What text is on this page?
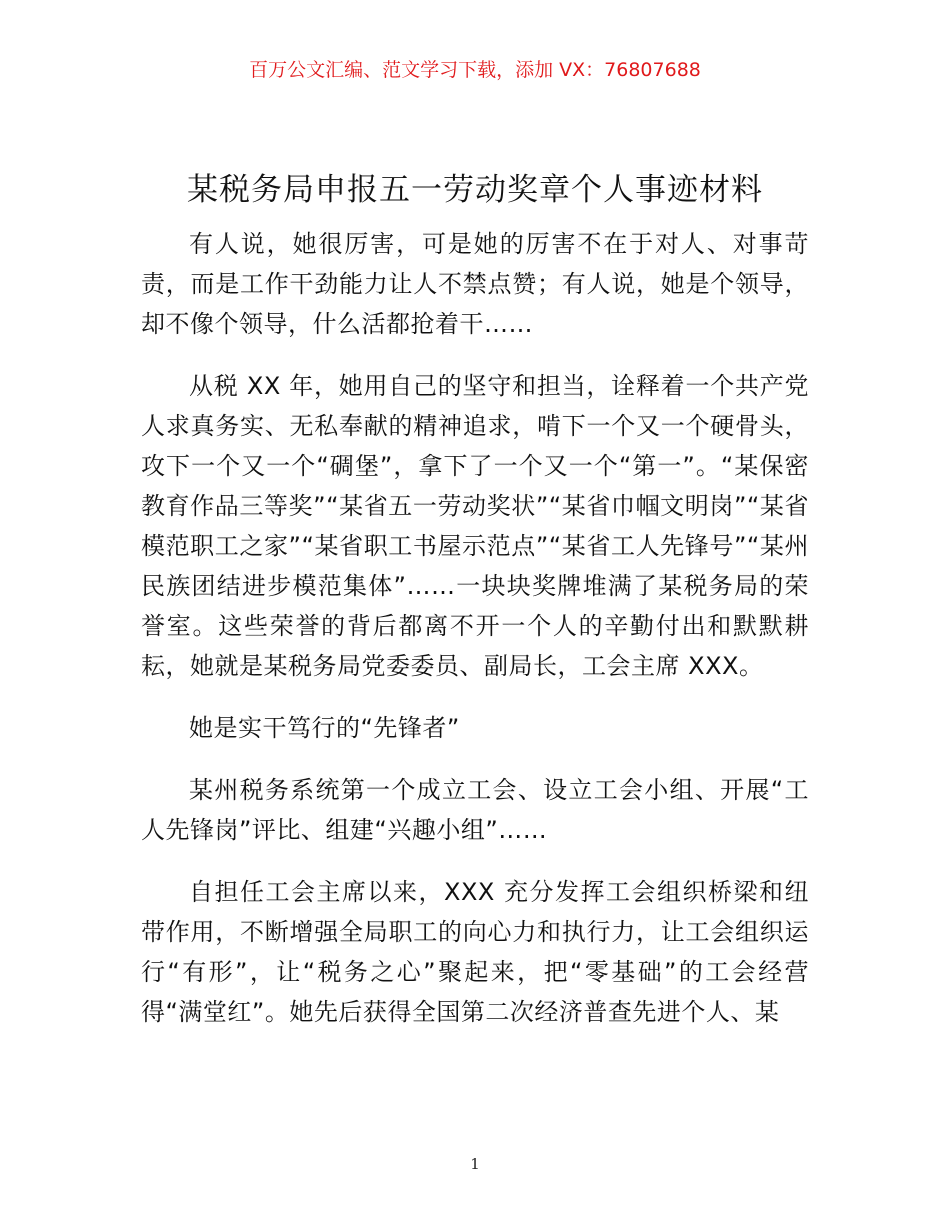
百万公文汇编、范文学习下载，添加 VX：76807688
某税务局申报五一劳动奖章个人事迹材料

有人说，她很厉害，可是她的厉害不在于对人、对事苛责，而是工作干劲能力让人不禁点赞；有人说，她是个领导，却不像个领导，什么活都抢着干……

从税 XX 年，她用自己的坚守和担当，诠释着一个共产党人求真务实、无私奉献的精神追求，啃下一个又一个硬骨头，攻下一个又一个“碉堡”，拿下了一个又一个“第一”。“某保密教育作品三等奖”“某省五一劳动奖状”“某省巾帼文明岗”“某省模范职工之家”“某省职工书屋示范点”“某省工人先锋号”“某州民族团结进步模范集体”……一块块奖牌堆满了某税务局的荣誉室。这些荣誉的背后都离不开一个人的辛勤付出和默默耕耘，她就是某税务局党委委员、副局长，工会主席 XXX。

她是实干笃行的“先锋者”

某州税务系统第一个成立工会、设立工会小组、开展“工人先锋岗”评比、组建“兴趣小组”……

自担任工会主席以来，XXX 充分发挥工会组织桥梁和纽带作用，不断增强全局职工的向心力和执行力，让工会组织运行“有形”，让“税务之心”聚起来，把“零基础”的工会经营得“满堂红”。她先后获得全国第二次经济普查先进个人、某

1
